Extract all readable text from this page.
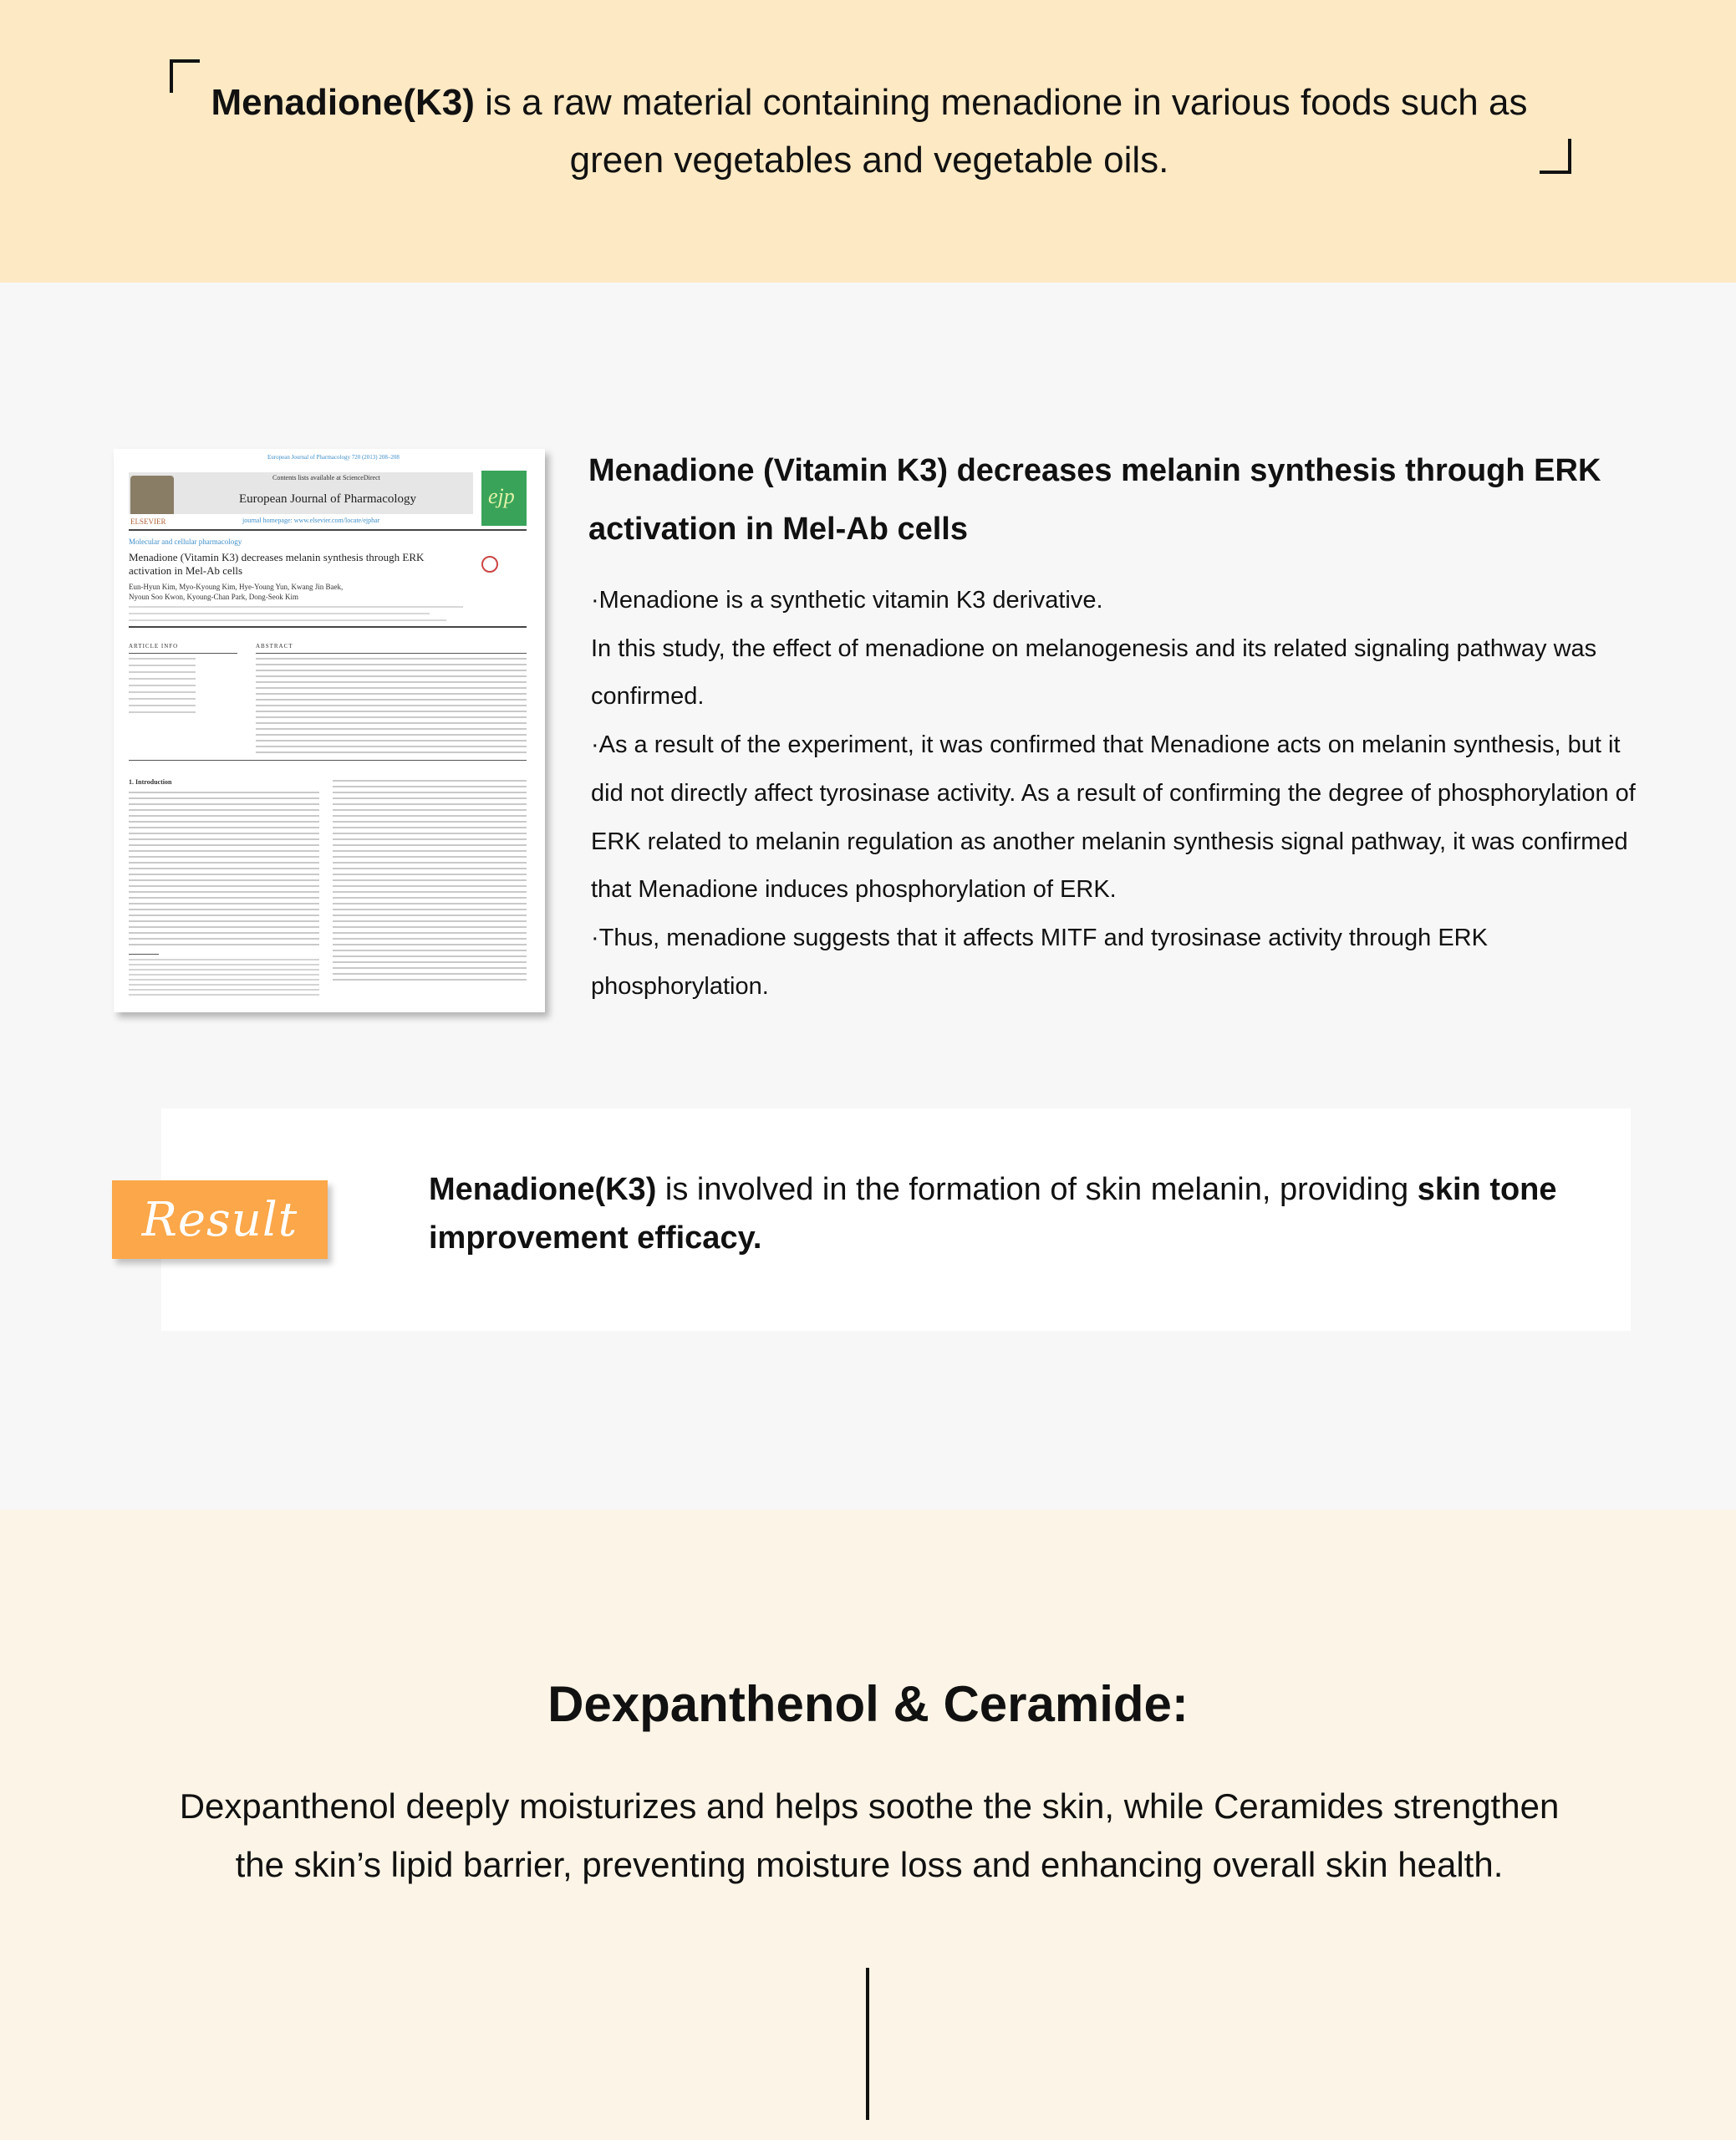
Menadione(K3) is a raw material containing menadione in various foods such as
green vegetables and vegetable oils.
European Journal of Pharmacology 720 (2013) 208–208
Contents lists available at ScienceDirect
European Journal of Pharmacology
journal homepage: www.elsevier.com/locate/ejphar
ELSEVIER
ejp
Molecular and cellular pharmacology
Menadione (Vitamin K3) decreases melanin synthesis through ERK
activation in Mel-Ab cells
Eun-Hyun Kim, Myo-Kyoung Kim, Hye-Young Yun, Kwang Jin Baek,
Nyoun Soo Kwon, Kyoung-Chan Park, Dong-Seok Kim
ARTICLE INFO	ABSTRACT
1. Introduction
Menadione (Vitamin K3) decreases melanin synthesis through ERK activation in Mel-Ab cells

·Menadione is a synthetic vitamin K3 derivative.

In this study, the effect of menadione on melanogenesis and its related signaling pathway was confirmed.

·As a result of the experiment, it was confirmed that Menadione acts on melanin synthesis, but it did not directly affect tyrosinase activity. As a result of confirming the degree of phosphorylation of ERK related to melanin regulation as another melanin synthesis signal pathway, it was confirmed that Menadione induces phosphorylation of ERK.

·Thus, menadione suggests that it affects MITF and tyrosinase activity through ERK phosphorylation.

Result
Menadione(K3) is involved in the formation of skin melanin, providing skin tone improvement efficacy.
Dexpanthenol & Ceramide:
Dexpanthenol deeply moisturizes and helps soothe the skin, while Ceramides strengthen
the skin’s lipid barrier, preventing moisture loss and enhancing overall skin health.
